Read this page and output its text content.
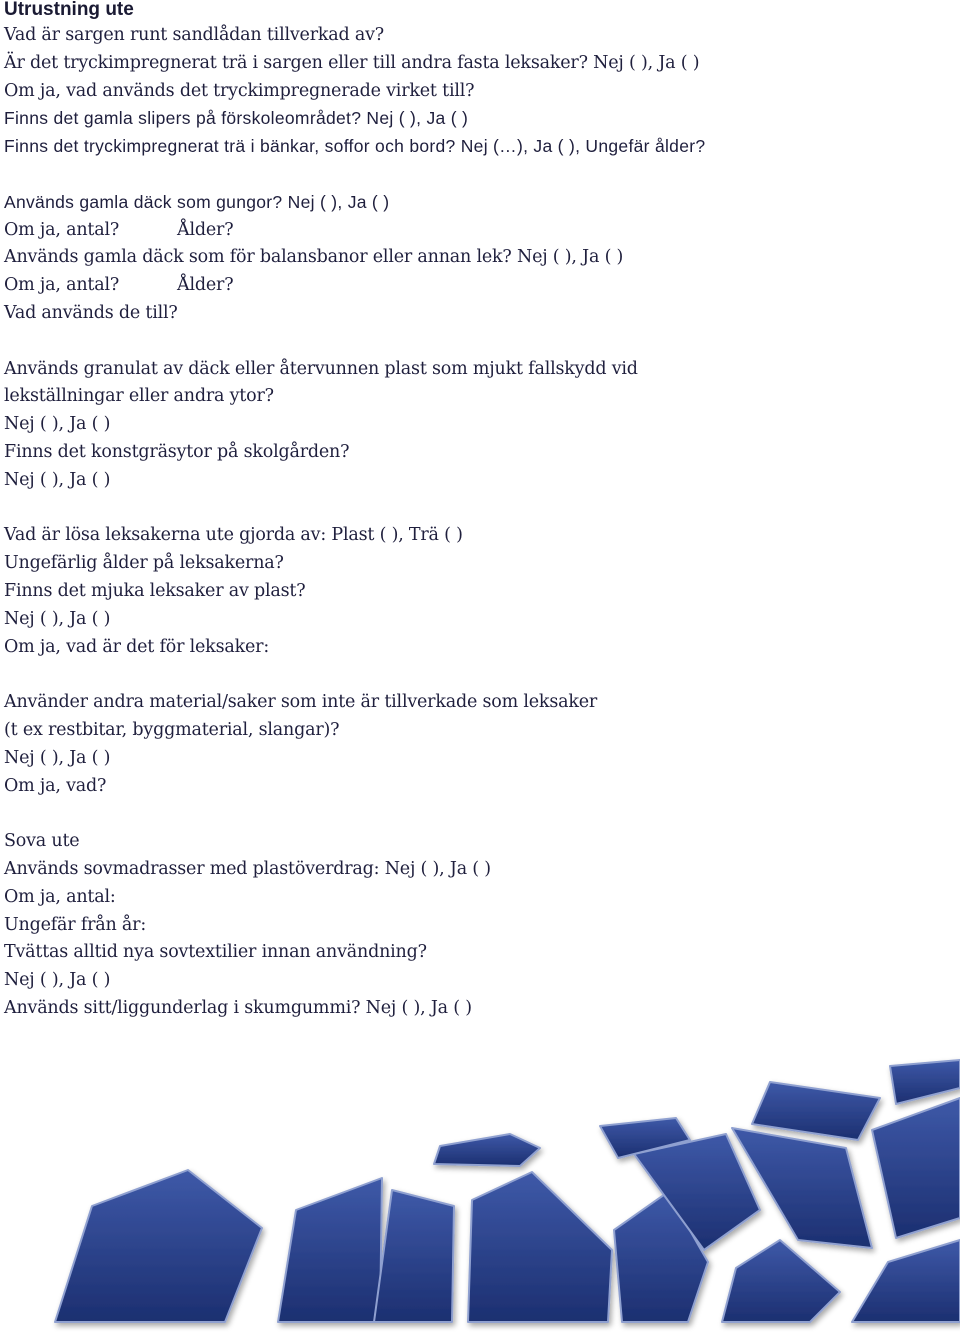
Utrustning ute
Vad är sargen runt sandlådan tillverkad av?
Är det tryckimpregnerat trä i sargen eller till andra fasta leksaker? Nej ( ), Ja ( )
Om ja, vad används det tryckimpregnerade virket till?
Finns det gamla slipers på förskoleområdet? Nej ( ), Ja ( )
Finns det tryckimpregnerat trä i bänkar, soffor och bord? Nej (…), Ja ( ), Ungefär ålder?
Används gamla däck som gungor? Nej ( ), Ja ( )
Om ja, antal?	Ålder?
Används gamla däck som för balansbanor eller annan lek? Nej ( ), Ja ( )
Om ja, antal?	Ålder?
Vad används de till?
Används granulat av däck eller återvunnen plast som mjukt fallskydd vid
lekställningar eller andra ytor?
Nej ( ), Ja ( )
Finns det konstgräsytor på skolgården?
Nej ( ), Ja ( )
Vad är lösa leksakerna ute gjorda av: Plast ( ), Trä ( )
Ungefärlig ålder på leksakerna?
Finns det mjuka leksaker av plast?
Nej ( ), Ja ( )
Om ja, vad är det för leksaker:
Använder andra material/saker som inte är tillverkade som leksaker
(t ex restbitar, byggmaterial, slangar)?
Nej ( ), Ja ( )
Om ja, vad?
Sova ute
Används sovmadrasser med plastöverdrag: Nej ( ), Ja ( )
Om ja, antal:
Ungefär från år:
Tvättas alltid nya sovtextilier innan användning?
Nej ( ), Ja ( )
Används sitt/liggunderlag i skumgummi? Nej ( ), Ja ( )
